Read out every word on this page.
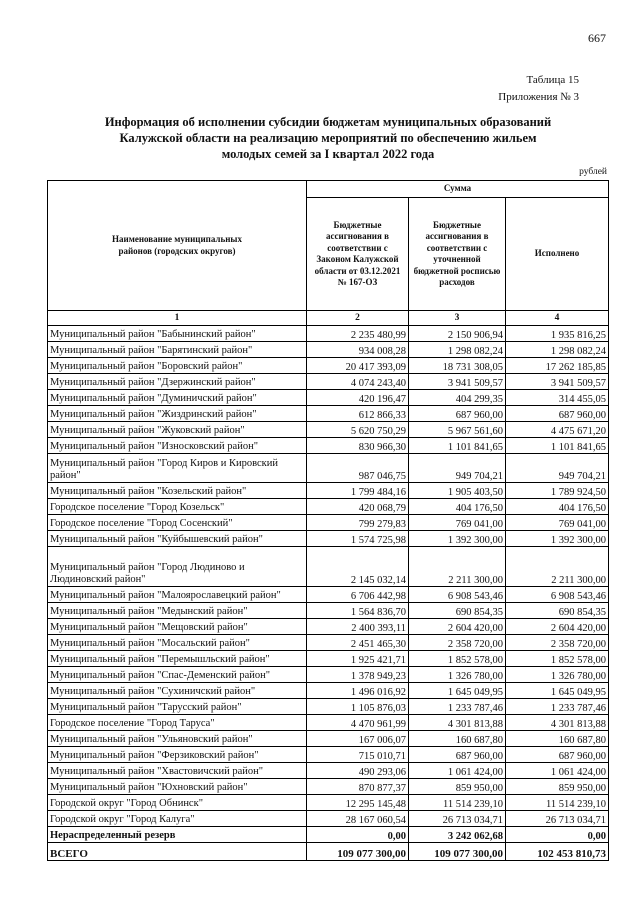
667
Таблица 15
Приложения № 3
Информация об исполнении субсидии бюджетам муниципальных образований
Калужской области на реализацию мероприятий по обеспечению жильем
молодых семей за I квартал 2022 года
рублей
Наименование муниципальных районов (городских округов)	Сумма		
	Бюджетные ассигнования в соответствии с Законом Калужской области от 03.12.2021 № 167-ОЗ	Бюджетные ассигнования в соответствии с уточненной бюджетной росписью расходов	Исполнено
1	2	3	4
Муниципальный район "Бабынинский район"	2 235 480,99	2 150 906,94	1 935 816,25
Муниципальный район "Барятинский район"	934 008,28	1 298 082,24	1 298 082,24
Муниципальный район "Боровский район"	20 417 393,09	18 731 308,05	17 262 185,85
Муниципальный район "Дзержинский район"	4 074 243,40	3 941 509,57	3 941 509,57
Муниципальный район "Думиничский район"	420 196,47	404 299,35	314 455,05
Муниципальный район "Жиздринский район"	612 866,33	687 960,00	687 960,00
Муниципальный район "Жуковский район"	5 620 750,29	5 967 561,60	4 475 671,20
Муниципальный район "Износковский район"	830 966,30	1 101 841,65	1 101 841,65
Муниципальный район "Город Киров и Кировский район"	987 046,75	949 704,21	949 704,21
Муниципальный район "Козельский район"	1 799 484,16	1 905 403,50	1 789 924,50
Городское поселение "Город Козельск"	420 068,79	404 176,50	404 176,50
Городское поселение "Город Сосенский"	799 279,83	769 041,00	769 041,00
Муниципальный район "Куйбышевский район"	1 574 725,98	1 392 300,00	1 392 300,00
Муниципальный район "Город Людиново и Людиновский район"	2 145 032,14	2 211 300,00	2 211 300,00
Муниципальный район "Малоярославецкий район"	6 706 442,98	6 908 543,46	6 908 543,46
Муниципальный район "Медынский район"	1 564 836,70	690 854,35	690 854,35
Муниципальный район "Мещовский район"	2 400 393,11	2 604 420,00	2 604 420,00
Муниципальный район "Мосальский район"	2 451 465,30	2 358 720,00	2 358 720,00
Муниципальный район "Перемышльский район"	1 925 421,71	1 852 578,00	1 852 578,00
Муниципальный район "Спас-Деменский район"	1 378 949,23	1 326 780,00	1 326 780,00
Муниципальный район "Сухиничский район"	1 496 016,92	1 645 049,95	1 645 049,95
Муниципальный район "Тарусский район"	1 105 876,03	1 233 787,46	1 233 787,46
Городское поселение "Город Таруса"	4 470 961,99	4 301 813,88	4 301 813,88
Муниципальный район "Ульяновский район"	167 006,07	160 687,80	160 687,80
Муниципальный район "Ферзиковский район"	715 010,71	687 960,00	687 960,00
Муниципальный район "Хвастовичский район"	490 293,06	1 061 424,00	1 061 424,00
Муниципальный район "Юхновский район"	870 877,37	859 950,00	859 950,00
Городской округ "Город Обнинск"	12 295 145,48	11 514 239,10	11 514 239,10
Городской округ "Город Калуга"	28 167 060,54	26 713 034,71	26 713 034,71
Нераспределенный резерв	0,00	3 242 062,68	0,00
ВСЕГО	109 077 300,00	109 077 300,00	102 453 810,73
